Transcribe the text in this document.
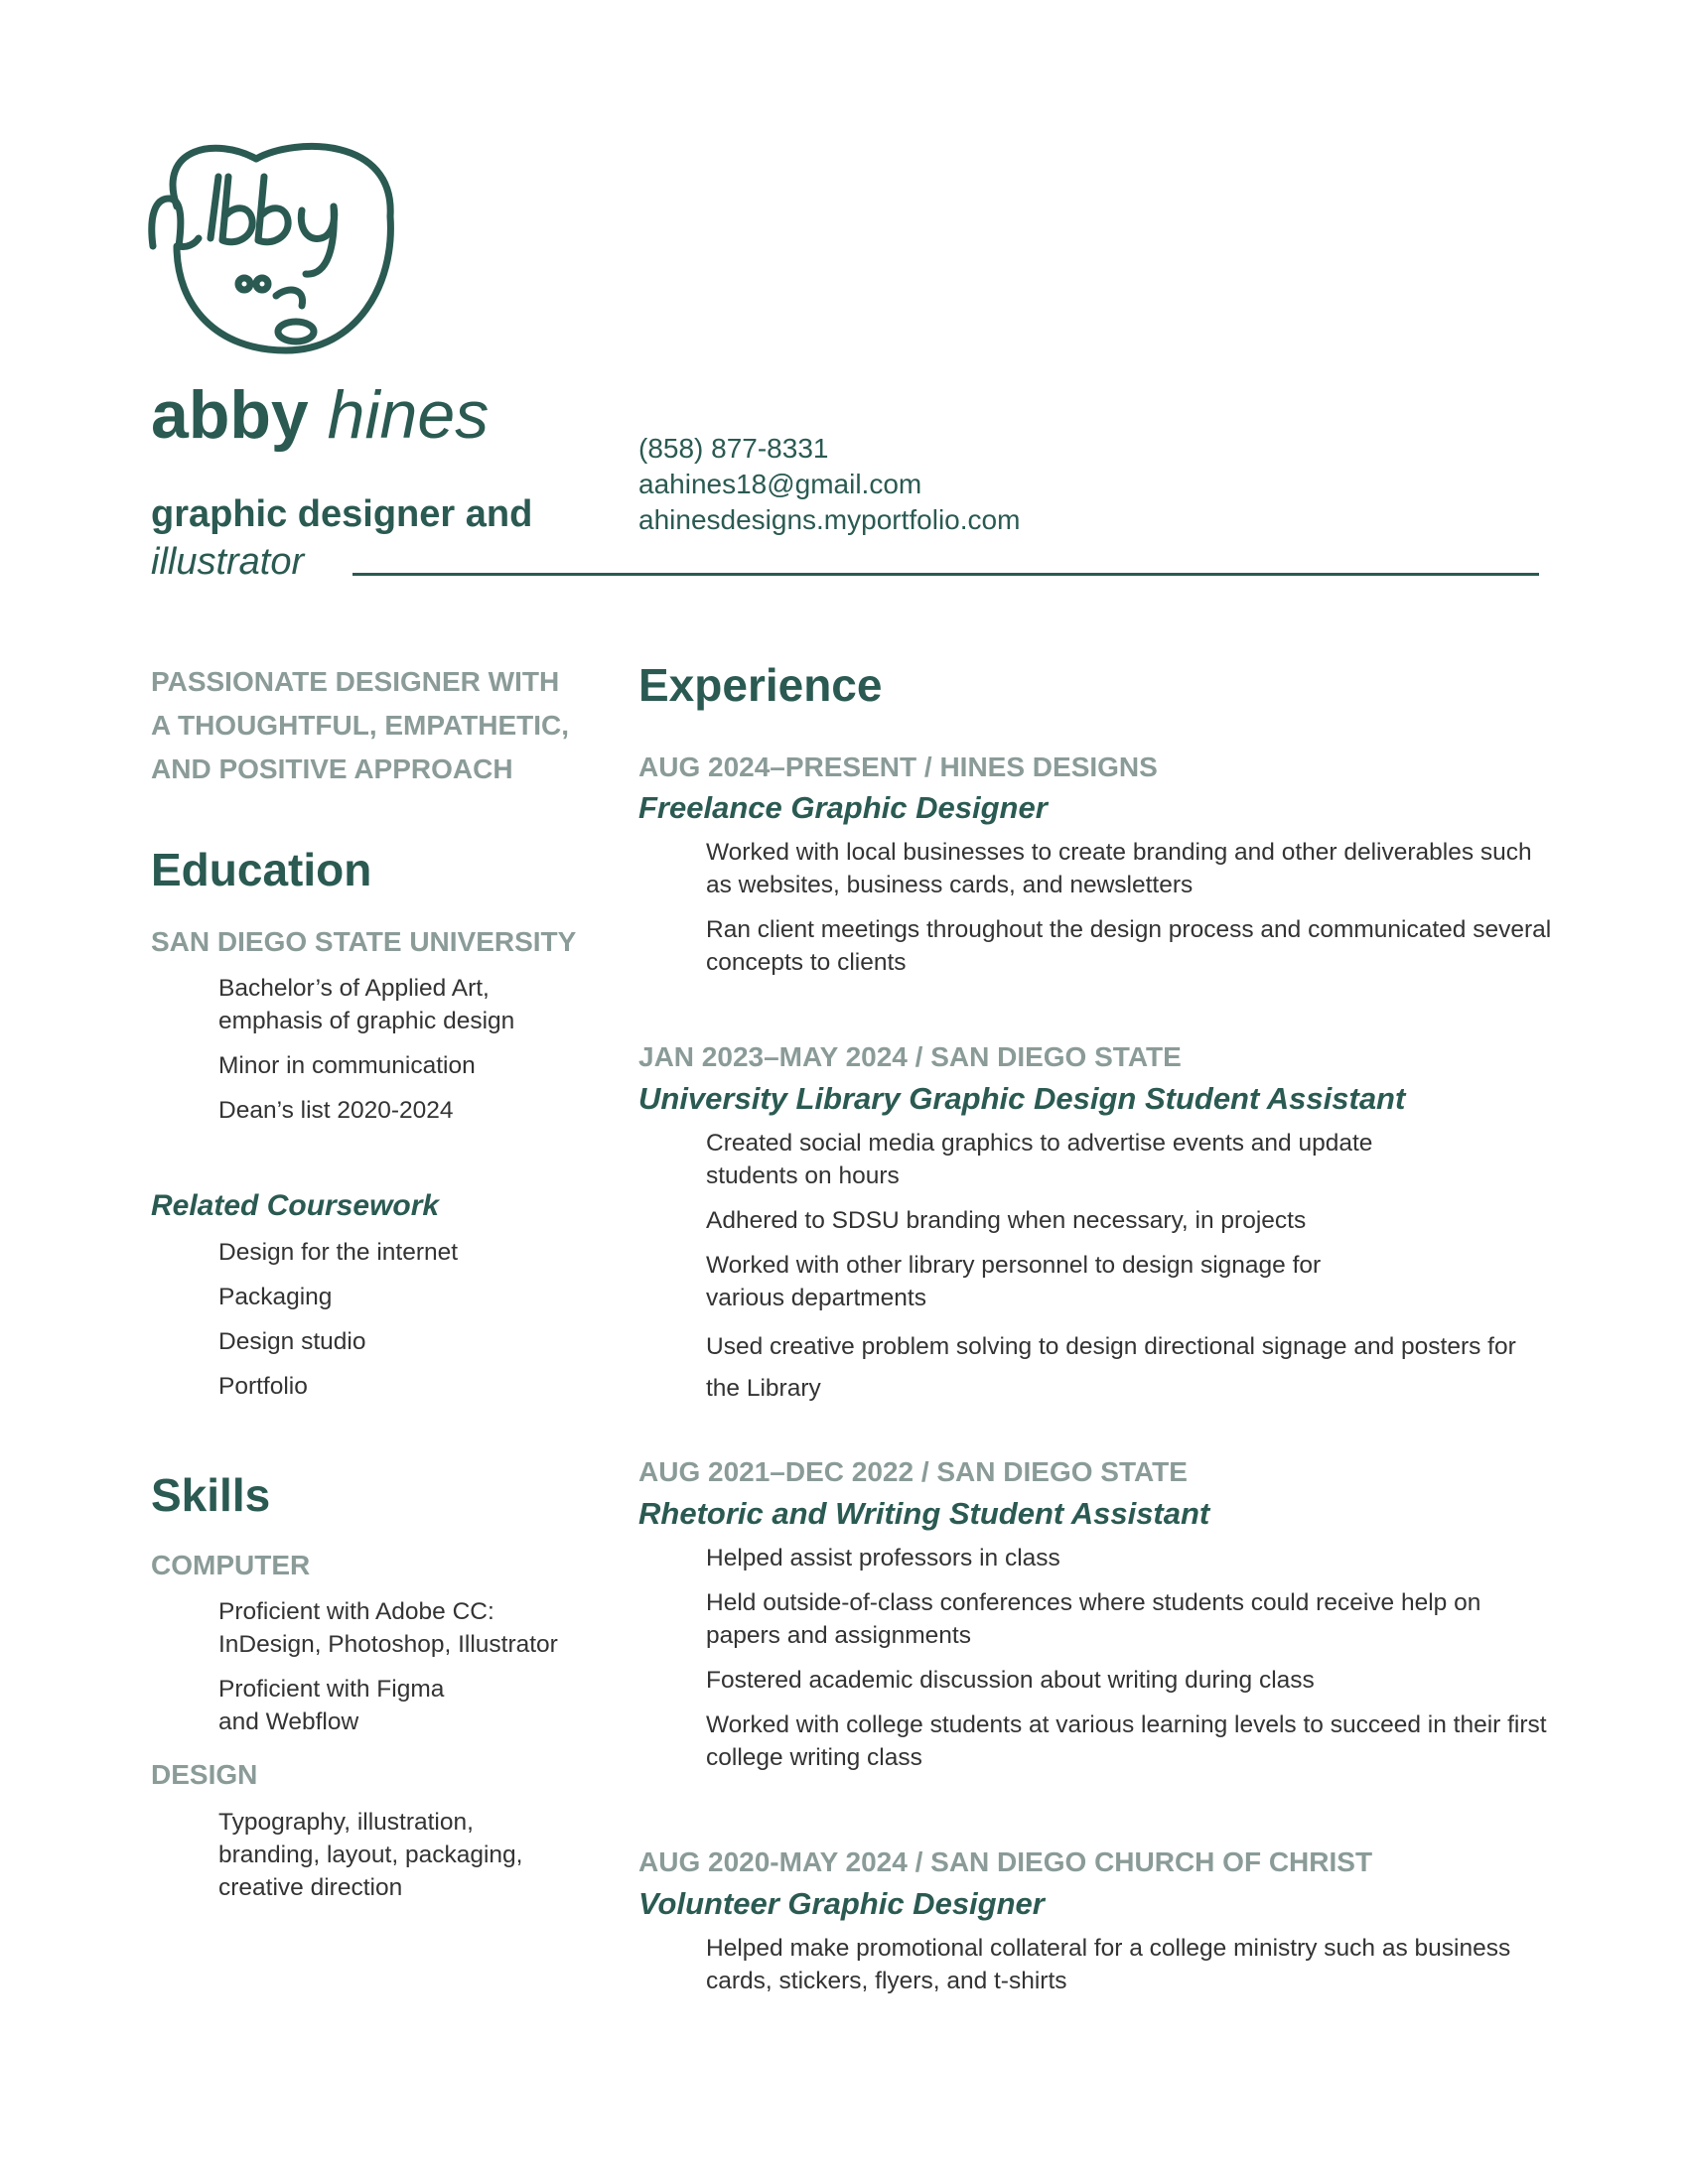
abby hines
graphic designer and
illustrator
(858) 877-8331
aahines18@gmail.com
ahinesdesigns.myportfolio.com

PASSIONATE DESIGNER WITH

A THOUGHTFUL, EMPATHETIC,

AND POSITIVE APPROACH

Education

SAN DIEGO STATE UNIVERSITY

Bachelor’s of Applied Art, emphasis of graphic design
Minor in communication
Dean’s list 2020-2024

Related Coursework

Design for the internet
Packaging
Design studio
Portfolio
Skills

COMPUTER

Proficient with Adobe CC: InDesign, Photoshop, Illustrator
Proficient with Figma and Webflow

DESIGN

Typography, illustration, branding, layout, packaging, creative direction
Experience

AUG 2024–PRESENT / HINES DESIGNS

Freelance Graphic Designer

Worked with local businesses to create branding and other deliverables such as websites, business cards, and newsletters
Ran client meetings throughout the design process and communicated several concepts to clients

JAN 2023–MAY 2024 / SAN DIEGO STATE

University Library Graphic Design Student Assistant

Created social media graphics to advertise events and update students on hours
Adhered to SDSU branding when necessary, in projects
Worked with other library personnel to design signage for various departments
Used creative problem solving to design directional signage and posters for the Library

AUG 2021–DEC 2022 / SAN DIEGO STATE

Rhetoric and Writing Student Assistant

Helped assist professors in class
Held outside-of-class conferences where students could receive help on papers and assignments
Fostered academic discussion about writing during class
Worked with college students at various learning levels to succeed in their first college writing class

AUG 2020-MAY 2024 / SAN DIEGO CHURCH OF CHRIST

Volunteer Graphic Designer

Helped make promotional collateral for a college ministry such as business cards, stickers, flyers, and t-shirts
